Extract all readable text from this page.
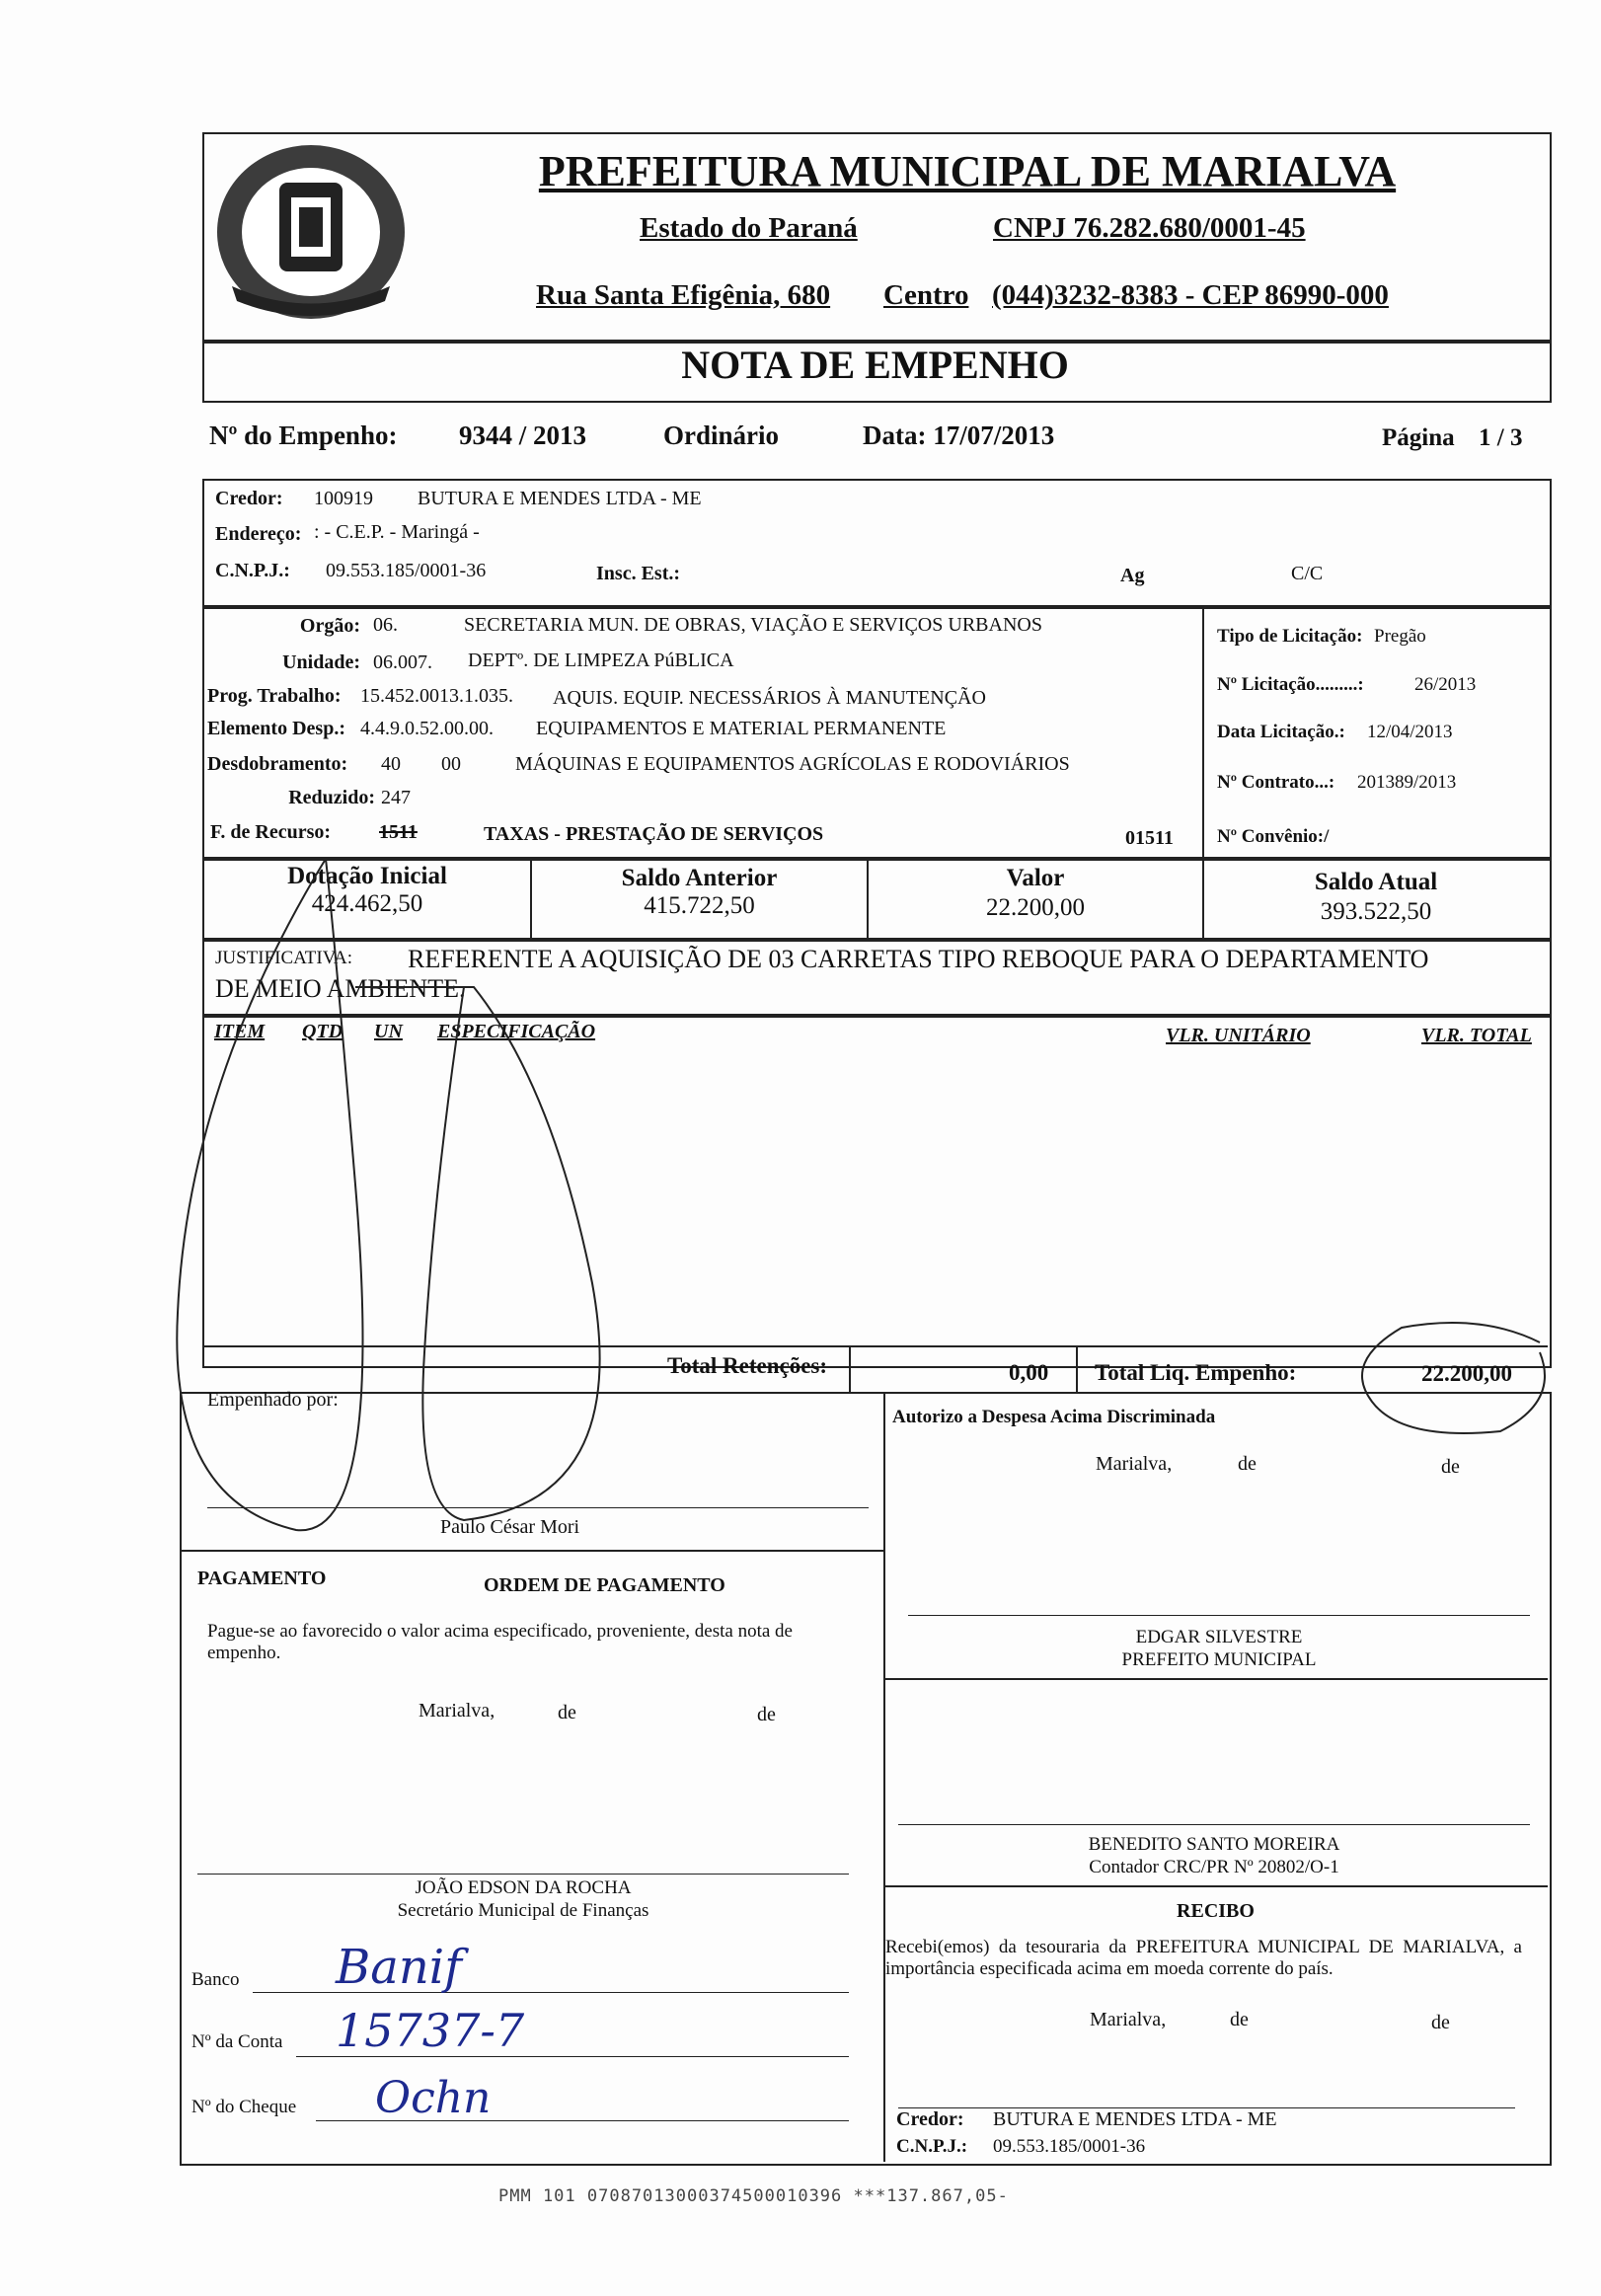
PREFEITURA MUNICIPAL DE MARIALVA
Estado do Paraná	CNPJ 76.282.680/0001-45
Rua Santa Efigênia, 680 Centro (044)3232-8383 - CEP 86990-000
NOTA DE EMPENHO
Nº do Empenho: 9344 / 2013	Ordinário	Data: 17/07/2013	Página 1 / 3
Credor: 100919 BUTURA E MENDES LTDA - ME
Endereço: : - C.E.P. - Maringá -
C.N.P.J.: 09.553.185/0001-36	Insc. Est.:	Ag	C/C
Orgão: 06.	SECRETARIA MUN. DE OBRAS, VIAÇÃO E SERVIÇOS URBANOS
Unidade: 06.007. DEPTº. DE LIMPEZA PúBLICA
Prog. Trabalho: 15.452.0013.1.035. AQUIS. EQUIP. NECESSÁRIOS À MANUTENÇÃO
Elemento Desp.: 4.4.9.0.52.00.00. EQUIPAMENTOS E MATERIAL PERMANENTE
Desdobramento: 40 00	MÁQUINAS E EQUIPAMENTOS AGRÍCOLAS E RODOVIÁRIOS
Reduzido: 247
F. de Recurso: 1511	TAXAS - PRESTAÇÃO DE SERVIÇOS	01511
Tipo de Licitação: Pregão
Nº Licitação.........:	26/2013
Data Licitação.: 12/04/2013
Nº Contrato...: 201389/2013
Nº Convênio:/
Dotação Inicial
424.462,50
Saldo Anterior
415.722,50
Valor
22.200,00
Saldo Atual
393.522,50
JUSTIFICATIVA: REFERENTE A AQUISIÇÃO DE 03 CARRETAS TIPO REBOQUE PARA O DEPARTAMENTO
DE MEIO AMBIENTE.
ITEM QTD UN ESPECIFICAÇÃO	VLR. UNITÁRIO	VLR. TOTAL
Total Retenções:	0,00 Total Liq. Empenho:	22.200,00
Empenhado por:
Paulo César Mori
Autorizo a Despesa Acima Discriminada
Marialva,	de	de
PAGAMENTO	ORDEM DE PAGAMENTO
Pague-se ao favorecido o valor acima especificado, proveniente, desta nota de empenho.
Marialva,	de	de
JOÃO EDSON DA ROCHA
Secretário Municipal de Finanças
EDGAR SILVESTRE
PREFEITO MUNICIPAL
BENEDITO SANTO MOREIRA
Contador CRC/PR Nº 20802/O-1
Banco Banif
Nº da Conta 15737-7
Nº do Cheque Ochn
RECIBO
Recebi(emos) da tesouraria da PREFEITURA MUNICIPAL DE MARIALVA, a importância especificada acima em moeda corrente do país.
Marialva,	de	de
Credor: BUTURA E MENDES LTDA - ME
C.N.P.J.: 09.553.185/0001-36
PMM 101 07087013000374500010396 ***137.867,05-
